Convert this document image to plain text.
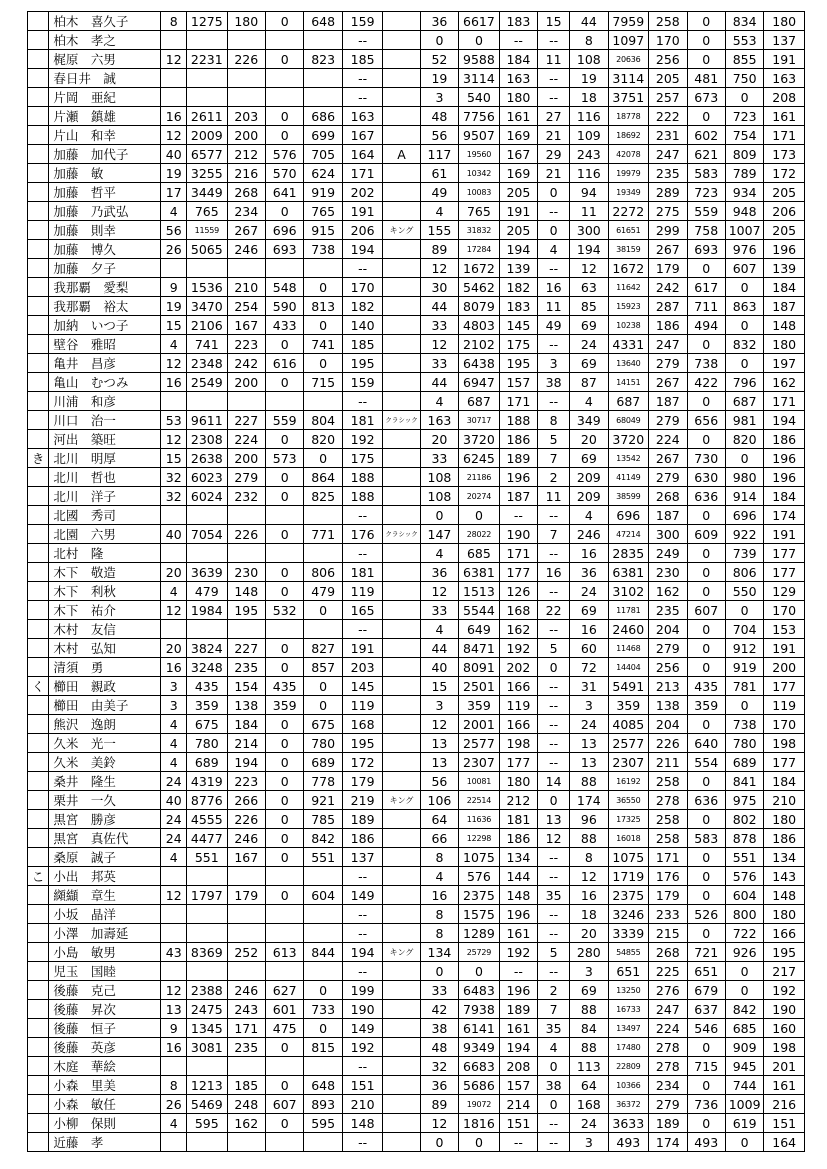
	柏木　喜久子	8	1275	180	0	648	159		36	6617	183	15	44	7959	258	0	834	180
	柏木　孝之						--		0	0	--	--	8	1097	170	0	553	137
	梶原　六男	12	2231	226	0	823	185		52	9588	184	11	108	20636	256	0	855	191
	春日井　誠						--		19	3114	163	--	19	3114	205	481	750	163
	片岡　亜紀						--		3	540	180	--	18	3751	257	673	0	208
	片瀬　鎮雄	16	2611	203	0	686	163		48	7756	161	27	116	18778	222	0	723	161
	片山　和幸	12	2009	200	0	699	167		56	9507	169	21	109	18692	231	602	754	171
	加藤　加代子	40	6577	212	576	705	164	A	117	19560	167	29	243	42078	247	621	809	173
	加藤　敏	19	3255	216	570	624	171		61	10342	169	21	116	19979	235	583	789	172
	加藤　哲平	17	3449	268	641	919	202		49	10083	205	0	94	19349	289	723	934	205
	加藤　乃武弘	4	765	234	0	765	191		4	765	191	--	11	2272	275	559	948	206
	加藤　則幸	56	11559	267	696	915	206	キング	155	31832	205	0	300	61651	299	758	1007	205
	加藤　博久	26	5065	246	693	738	194		89	17284	194	4	194	38159	267	693	976	196
	加藤　夕子						--		12	1672	139	--	12	1672	179	0	607	139
	我那覇　愛梨	9	1536	210	548	0	170		30	5462	182	16	63	11642	242	617	0	184
	我那覇　裕太	19	3470	254	590	813	182		44	8079	183	11	85	15923	287	711	863	187
	加納　いつ子	15	2106	167	433	0	140		33	4803	145	49	69	10238	186	494	0	148
	壁谷　雅昭	4	741	223	0	741	185		12	2102	175	--	24	4331	247	0	832	180
	亀井　昌彦	12	2348	242	616	0	195		33	6438	195	3	69	13640	279	738	0	197
	亀山　むつみ	16	2549	200	0	715	159		44	6947	157	38	87	14151	267	422	796	162
	川浦　和彦						--		4	687	171	--	4	687	187	0	687	171
	川口　治一	53	9611	227	559	804	181	クラシック	163	30717	188	8	349	68049	279	656	981	194
	河出　築旺	12	2308	224	0	820	192		20	3720	186	5	20	3720	224	0	820	186
き	北川　明厚	15	2638	200	573	0	175		33	6245	189	7	69	13542	267	730	0	196
	北川　哲也	32	6023	279	0	864	188		108	21186	196	2	209	41149	279	630	980	196
	北川　洋子	32	6024	232	0	825	188		108	20274	187	11	209	38599	268	636	914	184
	北國　秀司						--		0	0	--	--	4	696	187	0	696	174
	北園　六男	40	7054	226	0	771	176	クラシック	147	28022	190	7	246	47214	300	609	922	191
	北村　隆						--		4	685	171	--	16	2835	249	0	739	177
	木下　敬造	20	3639	230	0	806	181		36	6381	177	16	36	6381	230	0	806	177
	木下　利秋	4	479	148	0	479	119		12	1513	126	--	24	3102	162	0	550	129
	木下　祐介	12	1984	195	532	0	165		33	5544	168	22	69	11781	235	607	0	170
	木村　友信						--		4	649	162	--	16	2460	204	0	704	153
	木村　弘知	20	3824	227	0	827	191		44	8471	192	5	60	11468	279	0	912	191
	清須　勇	16	3248	235	0	857	203		40	8091	202	0	72	14404	256	0	919	200
く	櫛田　親政	3	435	154	435	0	145		15	2501	166	--	31	5491	213	435	781	177
	櫛田　由美子	3	359	138	359	0	119		3	359	119	--	3	359	138	359	0	119
	熊沢　逸朗	4	675	184	0	675	168		12	2001	166	--	24	4085	204	0	738	170
	久米　光一	4	780	214	0	780	195		13	2577	198	--	13	2577	226	640	780	198
	久米　美鈴	4	689	194	0	689	172		13	2307	177	--	13	2307	211	554	689	177
	桑井　隆生	24	4319	223	0	778	179		56	10081	180	14	88	16192	258	0	841	184
	栗井　一久	40	8776	266	0	921	219	キング	106	22514	212	0	174	36550	278	636	975	210
	黒宮　勝彦	24	4555	226	0	785	189		64	11636	181	13	96	17325	258	0	802	180
	黒宮　真佐代	24	4477	246	0	842	186		66	12298	186	12	88	16018	258	583	878	186
	桑原　誠子	4	551	167	0	551	137		8	1075	134	--	8	1075	171	0	551	134
こ	小出　邦英						--		4	576	144	--	12	1719	176	0	576	143
	纐纈　章生	12	1797	179	0	604	149		16	2375	148	35	16	2375	179	0	604	148
	小坂　晶洋						--		8	1575	196	--	18	3246	233	526	800	180
	小澤　加壽延						--		8	1289	161	--	20	3339	215	0	722	166
	小島　敏男	43	8369	252	613	844	194	キング	134	25729	192	5	280	54855	268	721	926	195
	児玉　国睦						--		0	0	--	--	3	651	225	651	0	217
	後藤　克己	12	2388	246	627	0	199		33	6483	196	2	69	13250	276	679	0	192
	後藤　昇次	13	2475	243	601	733	190		42	7938	189	7	88	16733	247	637	842	190
	後藤　恒子	9	1345	171	475	0	149		38	6141	161	35	84	13497	224	546	685	160
	後藤　英彦	16	3081	235	0	815	192		48	9349	194	4	88	17480	278	0	909	198
	木庭　華絵						--		32	6683	208	0	113	22809	278	715	945	201
	小森　里美	8	1213	185	0	648	151		36	5686	157	38	64	10366	234	0	744	161
	小森　敏任	26	5469	248	607	893	210		89	19072	214	0	168	36372	279	736	1009	216
	小柳　保則	4	595	162	0	595	148		12	1816	151	--	24	3633	189	0	619	151
	近藤　孝						--		0	0	--	--	3	493	174	493	0	164
